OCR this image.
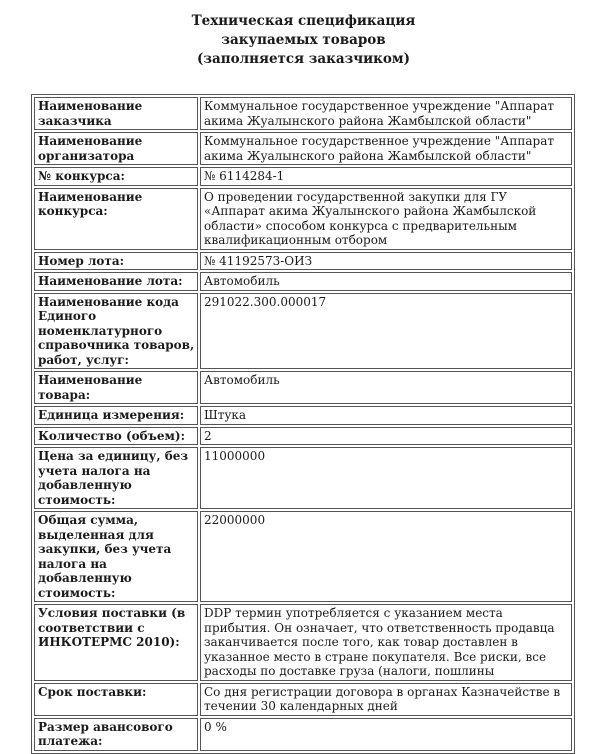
Техническая спецификация
закупаемых товаров
(заполняется заказчиком)
Наименование заказчика	Коммунальное государственное учреждение "Аппарат акима Жуалынского района Жамбылской области"
Наименование организатора	Коммунальное государственное учреждение "Аппарат акима Жуалынского района Жамбылской области"
№ конкурса:	№ 6114284-1
Наименование конкурса:	О проведении государственной закупки для ГУ «Аппарат акима Жуалынского района Жамбылской области» способом конкурса с предварительным квалификационным отбором
Номер лота:	№ 41192573-ОИЗ
Наименование лота:	Автомобиль
Наименование кода Единого номенклатурного справочника товаров, работ, услуг:	291022.300.000017
Наименование товара:	Автомобиль
Единица измерения:	Штука
Количество (объем):	2
Цена за единицу, без учета налога на добавленную стоимость:	11000000
Общая сумма, выделенная для закупки, без учета налога на добавленную стоимость:	22000000
Условия поставки (в соответствии с ИНКОТЕРМС 2010):	DDP термин употребляется с указанием места прибытия. Он означает, что ответственность продавца заканчивается после того, как товар доставлен в указанное место в стране покупателя. Все риски, все расходы по доставке груза (налоги, пошлины
Срок поставки:	Со дня регистрации договора в органах Казначействе в течении 30 календарных дней
Размер авансового платежа:	0 %
